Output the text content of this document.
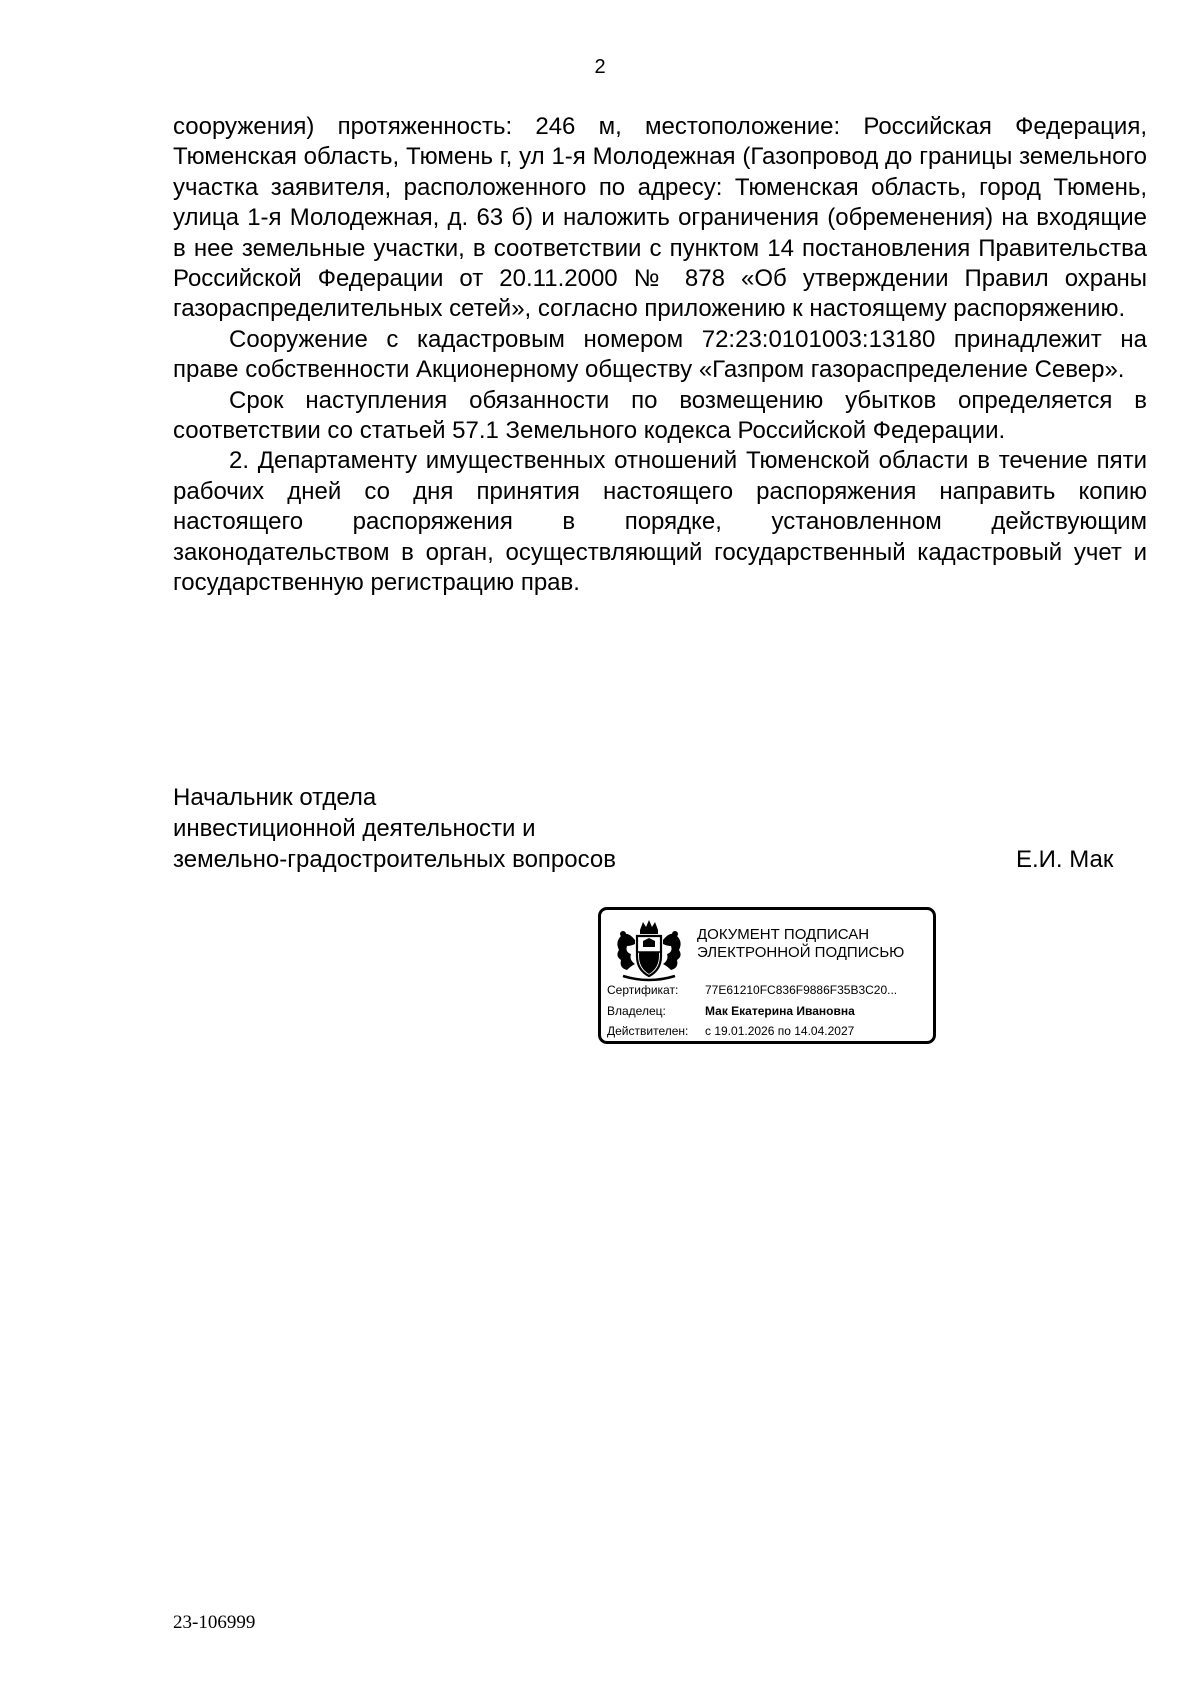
2

сооружения) протяженность: 246 м, местоположение: Российская Федерация, Тюменская область, Тюмень г, ул 1-я Молодежная (Газопровод до границы земельного участка заявителя, расположенного по адресу: Тюменская область, город Тюмень, улица 1-я Молодежная, д. 63 б) и наложить ограничения (обременения) на входящие в нее земельные участки, в соответствии с пунктом 14 постановления Правительства Российской Федерации от 20.11.2000 № 878 «Об утверждении Правил охраны газораспределительных сетей», согласно приложению к настоящему распоряжению.

Сооружение с кадастровым номером 72:23:0101003:13180 принадлежит на праве собственности Акционерному обществу «Газпром газораспределение Север».

Срок наступления обязанности по возмещению убытков определяется в соответствии со статьей 57.1 Земельного кодекса Российской Федерации.

2. Департаменту имущественных отношений Тюменской области в течение пяти рабочих дней со дня принятия настоящего распоряжения направить копию настоящего распоряжения в порядке, установленном действующим законодательством в орган, осуществляющий государственный кадастровый учет и государственную регистрацию прав.

Начальник отдела
инвестиционной деятельности и
земельно-градостроительных вопросов	Е.И. Мак
ДОКУМЕНТ ПОДПИСАН
ЭЛЕКТРОННОЙ ПОДПИСЬЮ
Сертификат: 77E61210FC836F9886F35B3C20...
Владелец:	Мак Екатерина Ивановна
Действителен: с 19.01.2026 по 14.04.2027
23-106999
